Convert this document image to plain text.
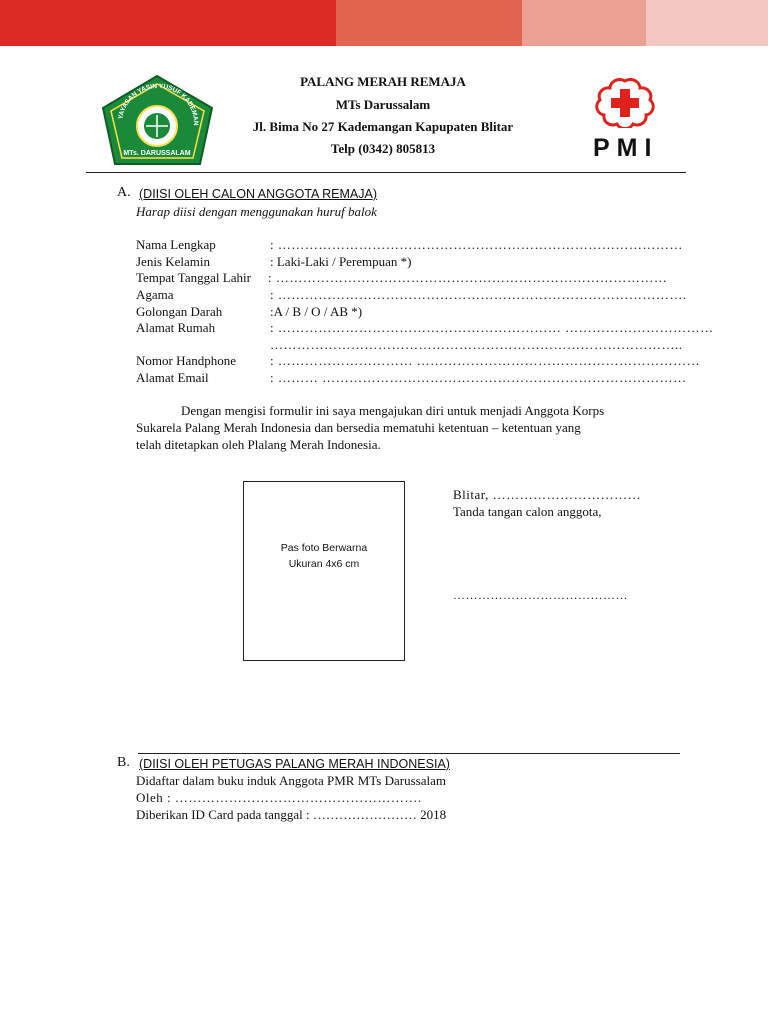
YAYASAN YASIN YUSUF KADEMAN
MTs. DARUSSALAM
PALANG MERAH REMAJA
MTs Darussalam
Jl. Bima No 27 Kademangan Kapupaten Blitar
Telp (0342) 805813	PMI
A. (DIISI OLEH CALON ANGGOTA REMAJA)
Harap diisi dengan menggunakan huruf balok
Nama Lengkap	: ………………………………………………………………………………
Jenis Kelamin	: Laki-Laki / Perempuan *)
Tempat Tanggal Lahir : ……………………………………………………………………………
Agama	: ……………………………………………………………………………….
Golongan Darah	:A / B / O / AB *)
Alamat Rumah	: ……………………………………………………… ……………………………
………………………………………………………………………………..
Nomor Handphone	: ………………………… ………………………………………………………
Alamat Email	: ……… ………………………………………………………………………
Dengan mengisi formulir ini saya mengajukan diri untuk menjadi Anggota Korps
Sukarela Palang Merah Indonesia dan bersedia mematuhi ketentuan – ketentuan yang
telah ditetapkan oleh Plalang Merah Indonesia.
Pas foto Berwarna
Ukuran 4x6 cm
Blitar, ……………………………
Tanda tangan calon anggota,
……………………………………
B. (DIISI OLEH PETUGAS PALANG MERAH INDONESIA)
Didaftar dalam buku induk Anggota PMR MTs Darussalam
Oleh : ……………………………………………….
Diberikan ID Card pada tanggal : …………………… 2018
